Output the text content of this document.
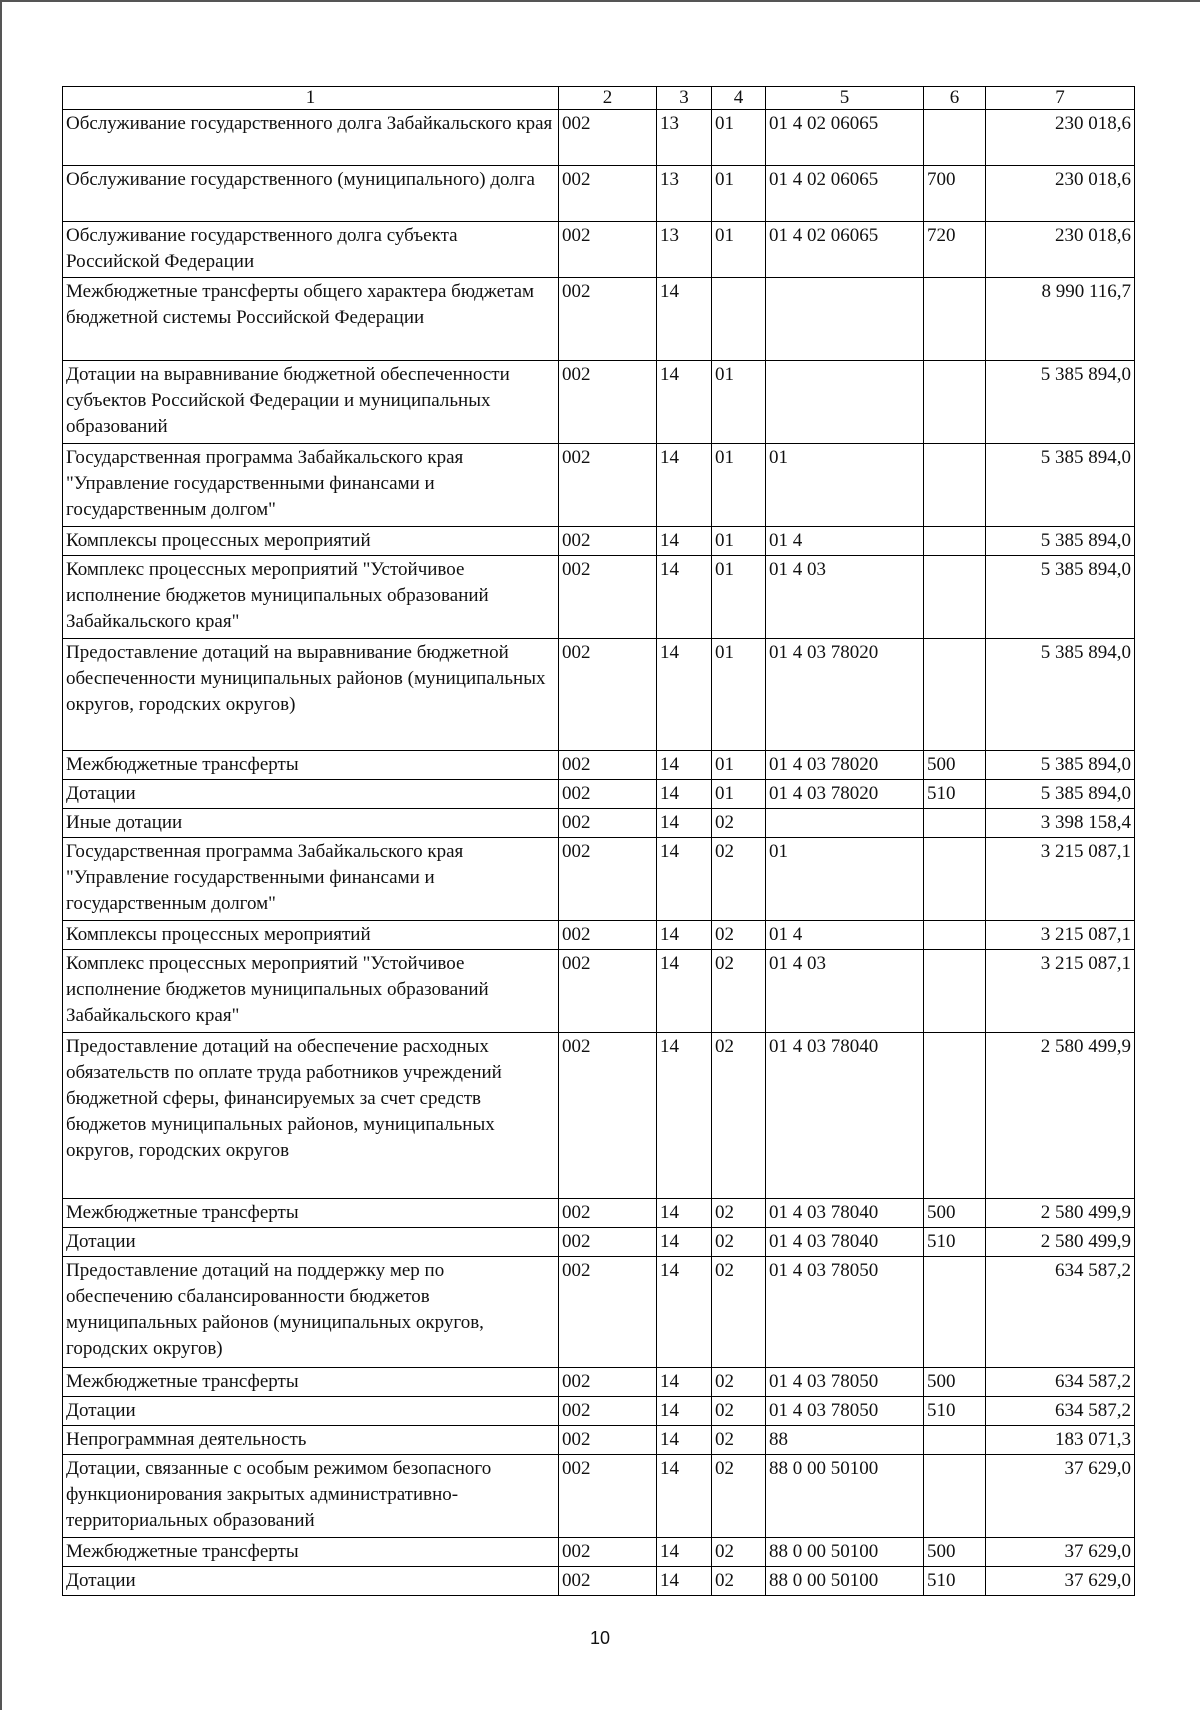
1	2	3	4	5	6	7
Обслуживание государственного долга Забайкальского края	002	13	01	01 4 02 06065		230 018,6
Обслуживание государственного (муниципального) долга	002	13	01	01 4 02 06065	700	230 018,6
Обслуживание государственного долга субъекта Российской Федерации	002	13	01	01 4 02 06065	720	230 018,6
Межбюджетные трансферты общего характера бюджетам бюджетной системы Российской Федерации	002	14				8 990 116,7
Дотации на выравнивание бюджетной обеспеченности субъектов Российской Федерации и муниципальных образований	002	14	01			5 385 894,0
Государственная программа Забайкальского края "Управление государственными финансами и государственным долгом"	002	14	01	01		5 385 894,0
Комплексы процессных мероприятий	002	14	01	01 4		5 385 894,0
Комплекс процессных мероприятий "Устойчивое исполнение бюджетов муниципальных образований Забайкальского края"	002	14	01	01 4 03		5 385 894,0
Предоставление дотаций на выравнивание бюджетной обеспеченности муниципальных районов (муниципальных округов, городских округов)	002	14	01	01 4 03 78020		5 385 894,0
Межбюджетные трансферты	002	14	01	01 4 03 78020	500	5 385 894,0
Дотации	002	14	01	01 4 03 78020	510	5 385 894,0
Иные дотации	002	14	02			3 398 158,4
Государственная программа Забайкальского края "Управление государственными финансами и государственным долгом"	002	14	02	01		3 215 087,1
Комплексы процессных мероприятий	002	14	02	01 4		3 215 087,1
Комплекс процессных мероприятий "Устойчивое исполнение бюджетов муниципальных образований Забайкальского края"	002	14	02	01 4 03		3 215 087,1
Предоставление дотаций на обеспечение расходных обязательств по оплате труда работников учреждений бюджетной сферы, финансируемых за счет средств бюджетов муниципальных районов, муниципальных округов, городских округов	002	14	02	01 4 03 78040		2 580 499,9
Межбюджетные трансферты	002	14	02	01 4 03 78040	500	2 580 499,9
Дотации	002	14	02	01 4 03 78040	510	2 580 499,9
Предоставление дотаций на поддержку мер по обеспечению сбалансированности бюджетов муниципальных районов (муниципальных округов, городских округов)	002	14	02	01 4 03 78050		634 587,2
Межбюджетные трансферты	002	14	02	01 4 03 78050	500	634 587,2
Дотации	002	14	02	01 4 03 78050	510	634 587,2
Непрограммная деятельность	002	14	02	88		183 071,3
Дотации, связанные с особым режимом безопасного функционирования закрытых административно-территориальных образований	002	14	02	88 0 00 50100		37 629,0
Межбюджетные трансферты	002	14	02	88 0 00 50100	500	37 629,0
Дотации	002	14	02	88 0 00 50100	510	37 629,0
10
